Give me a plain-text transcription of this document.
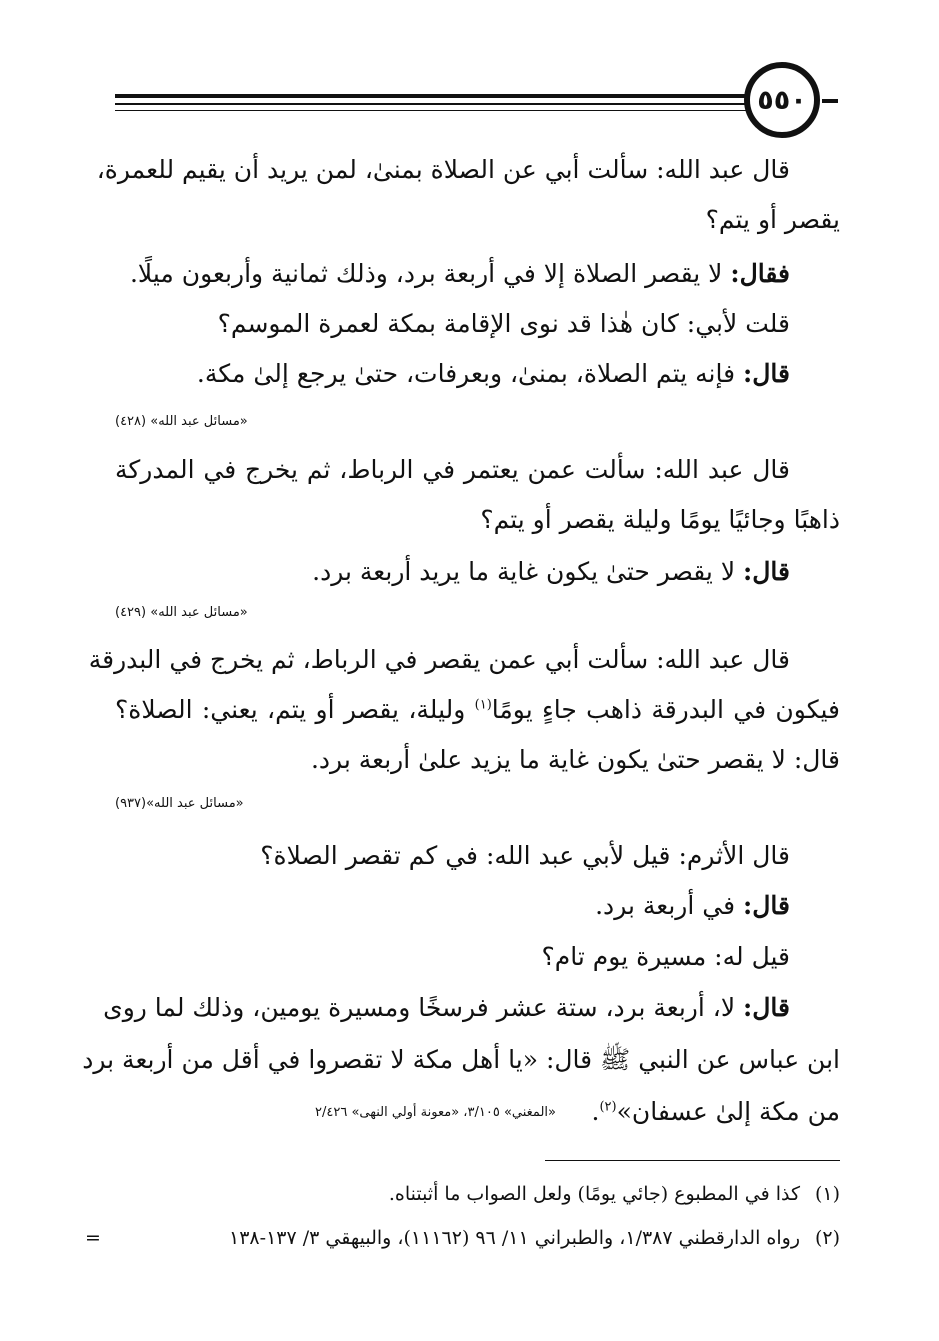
٥٥٠
قال عبد الله: سألت أبي عن الصلاة بمنىٰ، لمن يريد أن يقيم للعمرة،
يقصر أو يتم؟
فقال: لا يقصر الصلاة إلا في أربعة برد، وذلك ثمانية وأربعون ميلًا.
قلت لأبي: كان هٰذا قد نوى الإقامة بمكة لعمرة الموسم؟
قال: فإنه يتم الصلاة، بمنىٰ، وبعرفات، حتىٰ يرجع إلىٰ مكة.
«مسائل عبد الله» (٤٢٨)
قال عبد الله: سألت عمن يعتمر في الرباط، ثم يخرج في المدركة
ذاهبًا وجائيًا يومًا وليلة يقصر أو يتم؟
قال: لا يقصر حتىٰ يكون غاية ما يريد أربعة برد.
«مسائل عبد الله» (٤٢٩)
قال عبد الله: سألت أبي عمن يقصر في الرباط، ثم يخرج في البدرقة
فيكون في البدرقة ذاهب جاءٍ يومًا$^{(١)}$ وليلة، يقصر أو يتم، يعني: الصلاة؟
قال: لا يقصر حتىٰ يكون غاية ما يزيد علىٰ أربعة برد.
«مسائل عبد الله»(٩٣٧)
قال الأثرم: قيل لأبي عبد الله: في كم تقصر الصلاة؟
قال: في أربعة برد.
قيل له: مسيرة يوم تام؟
قال: لا، أربعة برد، ستة عشر فرسخًا ومسيرة يومين، وذلك لما روى
ابن عباس عن النبي ﷺ قال: «يا أهل مكة لا تقصروا في أقل من أربعة برد
من مكة إلىٰ عسفان»$^{(٢)}$.
«المغني» ٣/١٠٥، «معونة أولي النهى» ٢/٤٢٦
(١)كذا في المطبوع (جائي يومًا) ولعل الصواب ما أثبتناه.
(٢)رواه الدارقطني ١/٣٨٧، والطبراني ١١/ ٩٦ (١١١٦٢)، والبيهقي ٣/ ١٣٧-١٣٨
=
